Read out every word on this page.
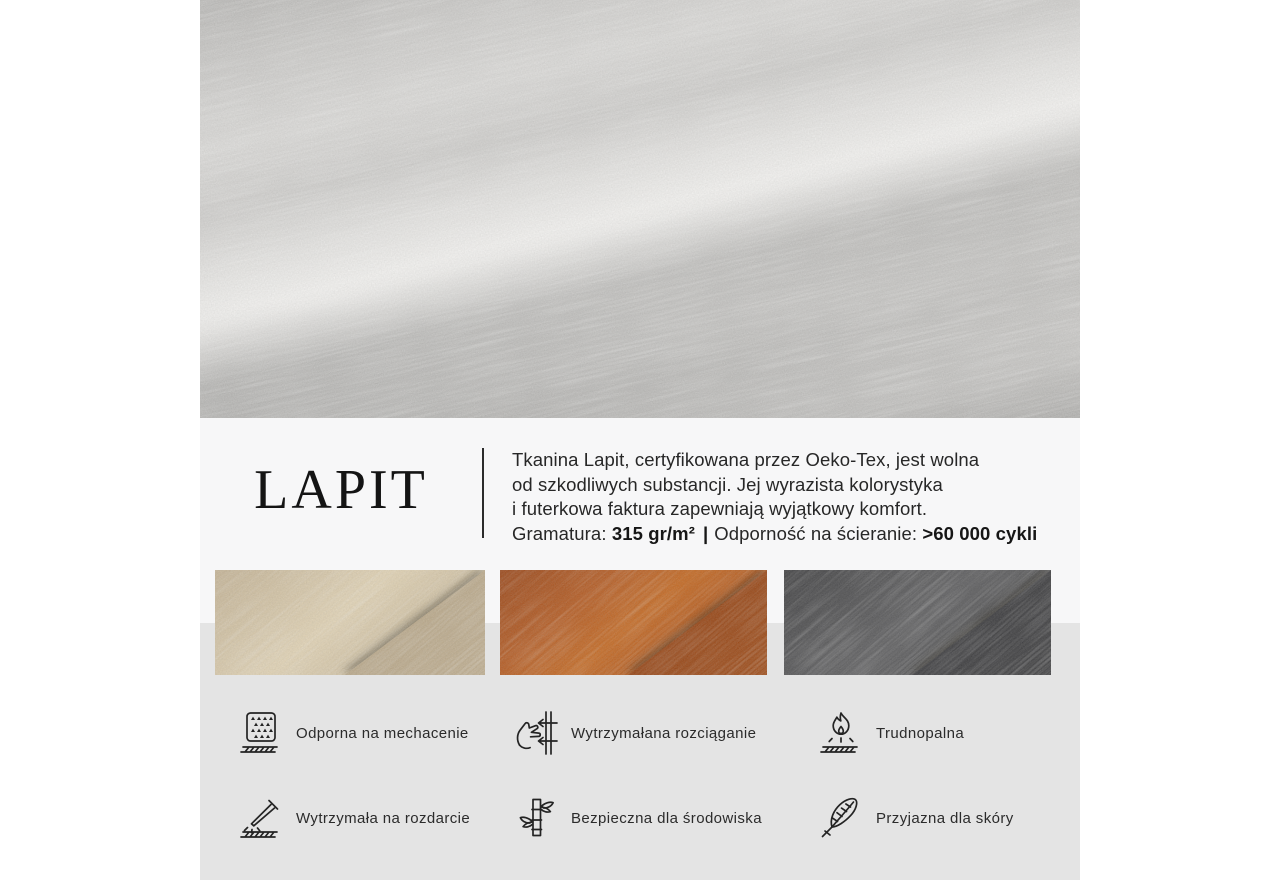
LAPIT	Tkanina Lapit, certyfikowana przez Oeko-Tex, jest wolna
od szkodliwych substancji. Jej wyrazista kolorystyka
i futerkowa faktura zapewniają wyjątkowy komfort.
Gramatura: 315 gr/m² | Odporność na ścieranie: >60 000 cykli
Odporna na mechacenie	Wytrzymałana rozciąganie	Trudnopalna
Wytrzymała na rozdarcie	Bezpieczna dla środowiska	Przyjazna dla skóry
